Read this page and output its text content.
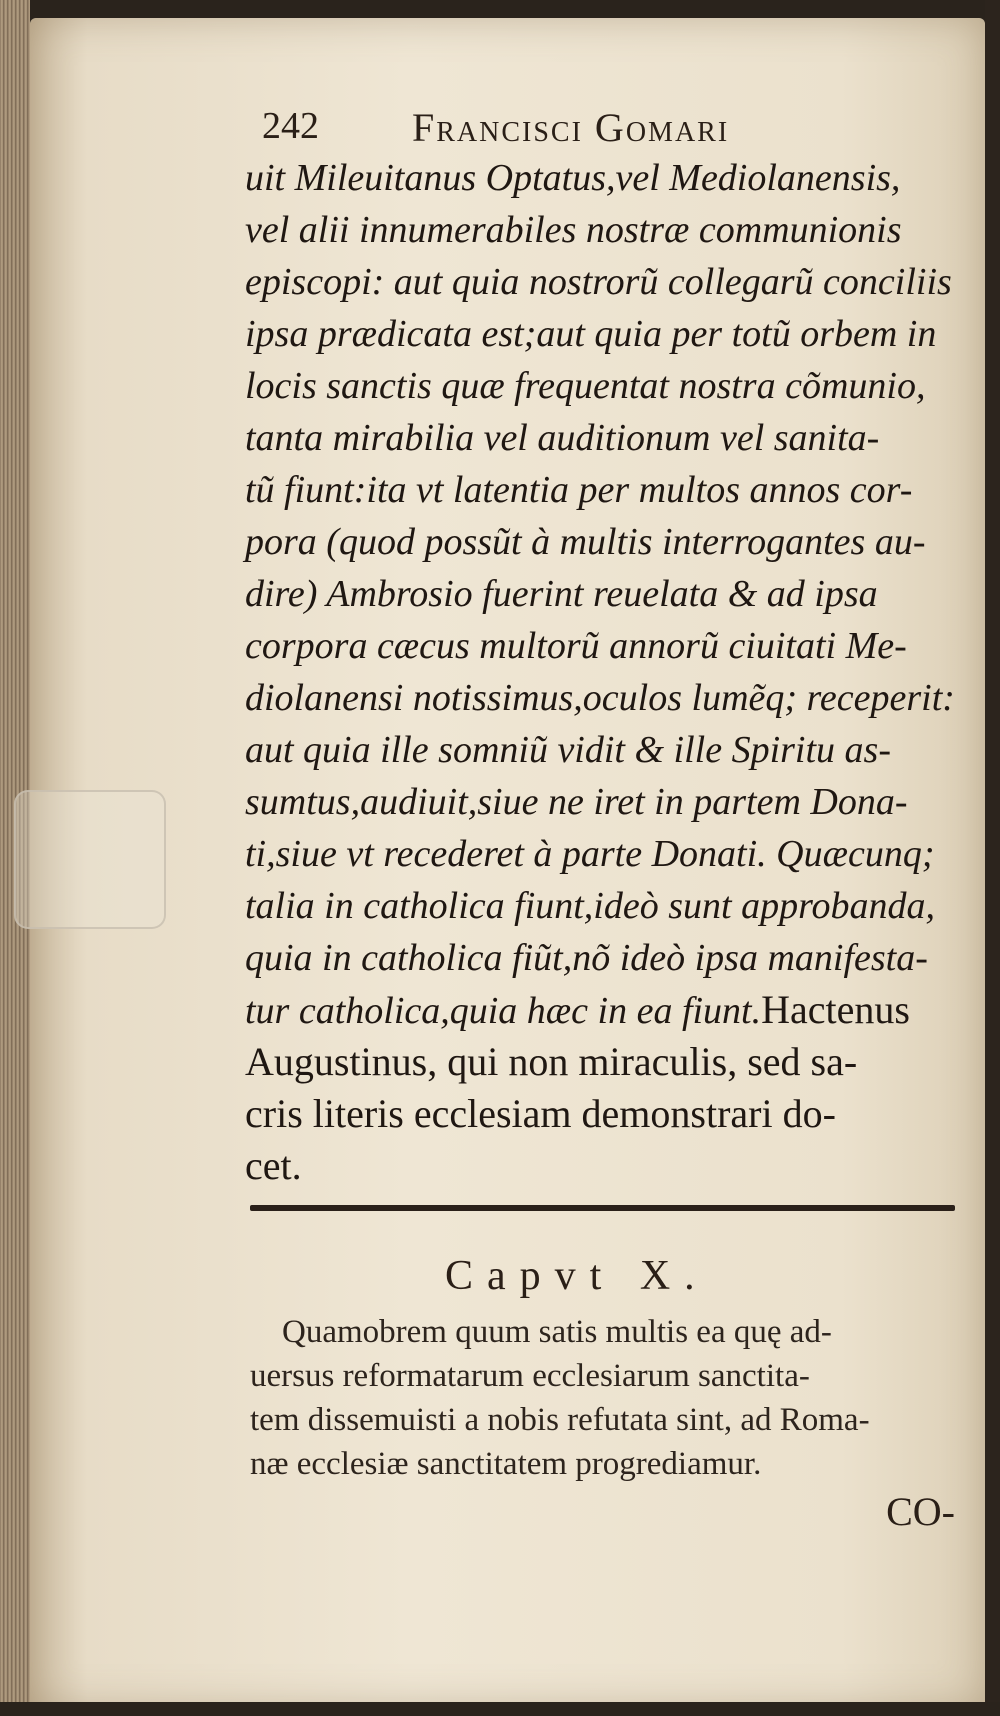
242 Francisci Gomari
uit Mileuitanus Optatus,vel Mediolanensis,
vel alii innumerabiles nostræ communionis
episcopi: aut quia nostrorũ collegarũ conciliis
ipsa prædicata est;aut quia per totũ orbem in
locis sanctis quæ frequentat nostra cõmunio,
tanta mirabilia vel auditionum vel sanita-
tũ fiunt:ita vt latentia per multos annos cor-
pora (quod possũt à multis interrogantes au-
dire) Ambrosio fuerint reuelata & ad ipsa
corpora cæcus multorũ annorũ ciuitati Me-
diolanensi notissimus,oculos lumẽq; receperit:
aut quia ille somniũ vidit & ille Spiritu as-
sumtus,audiuit,siue ne iret in partem Dona-
ti,siue vt recederet à parte Donati. Quæcunq;
talia in catholica fiunt,ideò sunt approbanda,
quia in catholica fiũt,nõ ideò ipsa manifesta-
tur catholica,quia hæc in ea fiunt.Hactenus
Augustinus, qui non miraculis, sed sa-
cris literis ecclesiam demonstrari do-
cet.
Capvt X.
Quamobrem quum satis multis ea quę ad-
uersus reformatarum ecclesiarum sanctita-
tem dissemuisti a nobis refutata sint, ad Roma-
næ ecclesiæ sanctitatem progrediamur.
CO-
